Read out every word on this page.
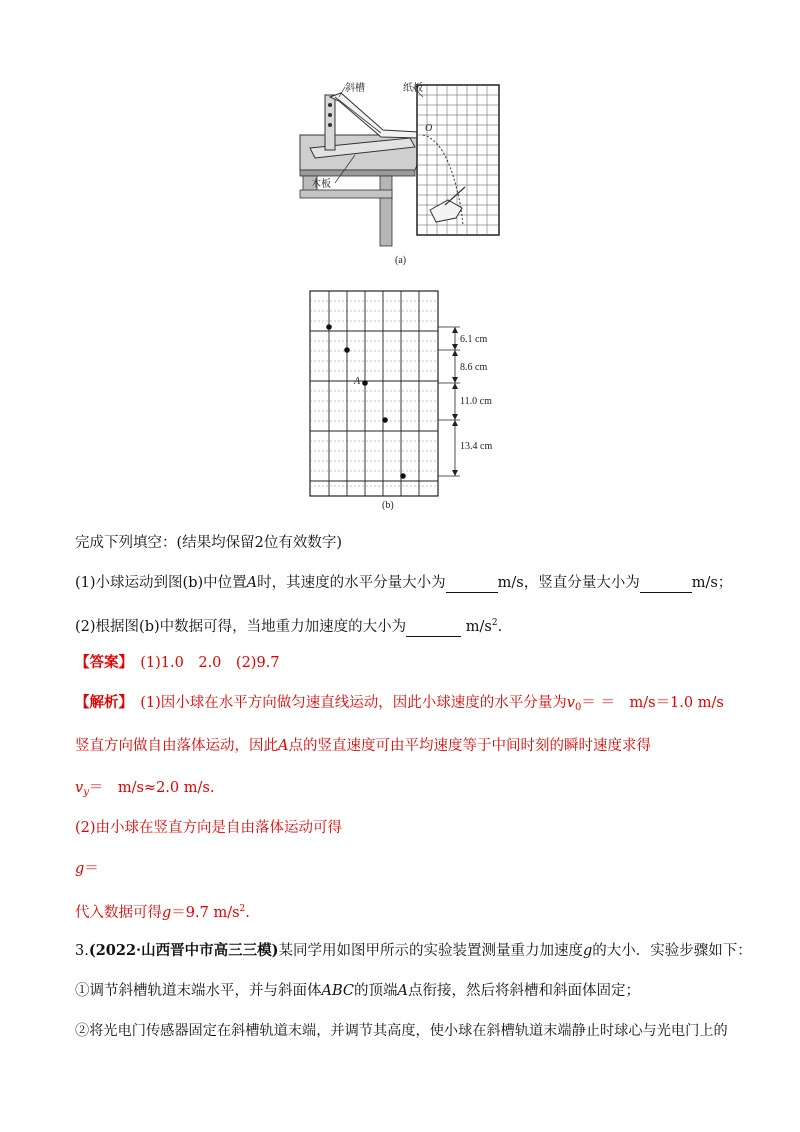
斜槽	纸板
木板
O
(a)
A
6.1 cm
8.6 cm
11.0 cm
13.4 cm
(b)
完成下列填空：(结果均保留2位有效数字)
(1)小球运动到图(b)中位置A时，其速度的水平分量大小为	m/s，竖直分量大小为	m/s；
(2)根据图(b)中数据可得，当地重力加速度的大小为	$m/s^2$.
【答案】　 (1)1.0　2.0　(2)9.7
【解析】　 (1)因小球在水平方向做匀速直线运动，因此小球速度的水平分量为$v_0=$ ＝　m/s＝1.0 m/s
竖直方向做自由落体运动，因此A点的竖直速度可由平均速度等于中间时刻的瞬时速度求得
$v_y=$　m/s≈2.0 m/s.
(2)由小球在竖直方向是自由落体运动可得
g＝
代入数据可得g＝9.7 $m/s^2$.
3.(2022·山西晋中市高三三模)某同学用如图甲所示的实验装置测量重力加速度g的大小．实验步骤如下：
①调节斜槽轨道末端水平，并与斜面体ABC的顶端A点衔接，然后将斜槽和斜面体固定；
②将光电门传感器固定在斜槽轨道末端，并调节其高度，使小球在斜槽轨道末端静止时球心与光电门上的
